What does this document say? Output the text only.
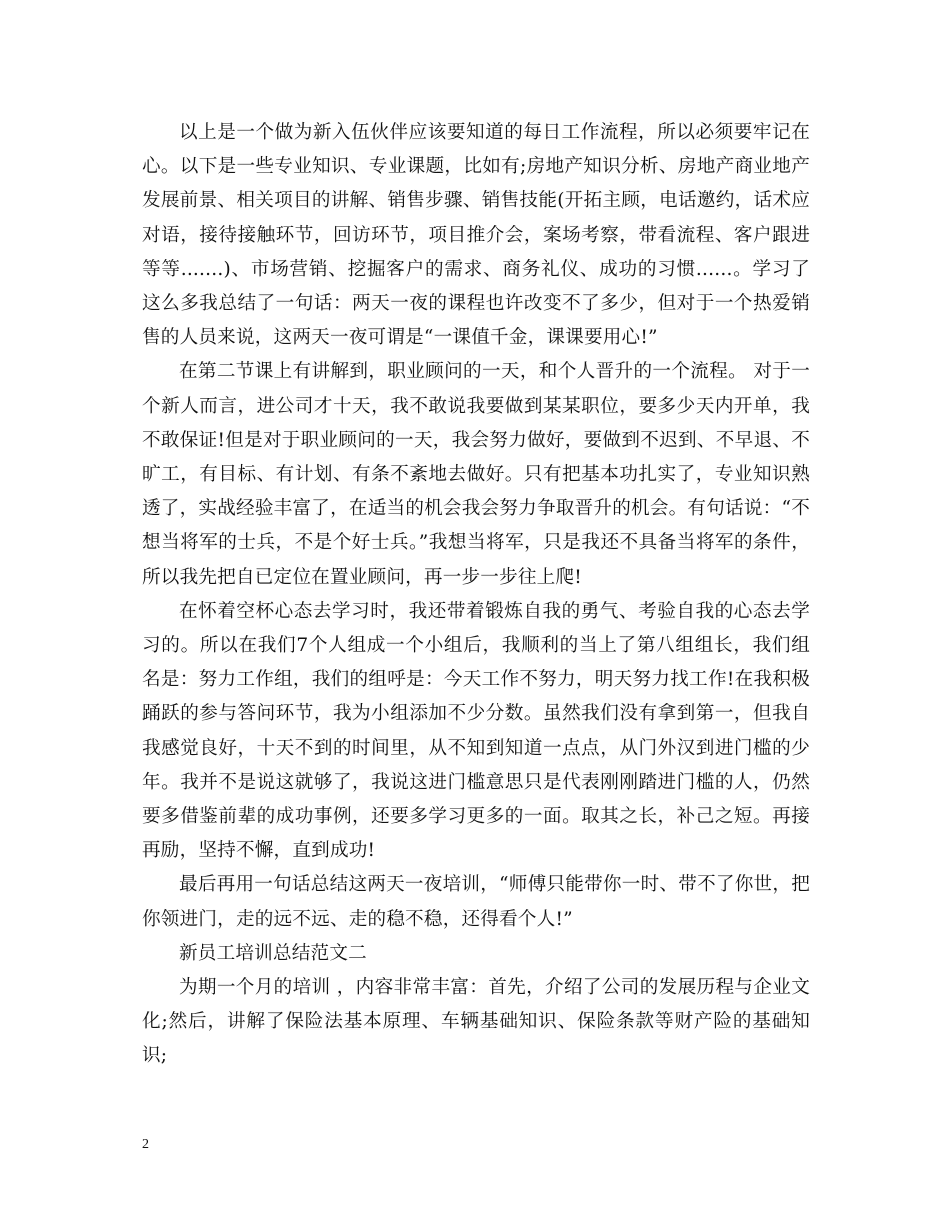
以上是一个做为新入伍伙伴应该要知道的每日工作流程，所以必须要牢记在心。以下是一些专业知识、专业课题，比如有;房地产知识分析、房地产商业地产发展前景、相关项目的讲解、销售步骤、销售技能(开拓主顾，电话邀约，话术应对语，接待接触环节，回访环节，项目推介会，案场考察，带看流程、客户跟进等等.......)、市场营销、挖掘客户的需求、商务礼仪、成功的习惯......。学习了这么多我总结了一句话：两天一夜的课程也许改变不了多少，但对于一个热爱销售的人员来说，这两天一夜可谓是“一课值千金，课课要用心!”

在第二节课上有讲解到，职业顾问的一天，和个人晋升的一个流程。 对于一个新人而言，进公司才十天，我不敢说我要做到某某职位，要多少天内开单，我不敢保证!但是对于职业顾问的一天，我会努力做好，要做到不迟到、不早退、不旷工，有目标、有计划、有条不紊地去做好。只有把基本功扎实了，专业知识熟透了，实战经验丰富了，在适当的机会我会努力争取晋升的机会。有句话说：“不想当将军的士兵，不是个好士兵。”我想当将军，只是我还不具备当将军的条件，所以我先把自已定位在置业顾问，再一步一步往上爬!

在怀着空杯心态去学习时，我还带着锻炼自我的勇气、考验自我的心态去学习的。所以在我们7个人组成一个小组后，我顺利的当上了第八组组长，我们组名是：努力工作组，我们的组呼是：今天工作不努力，明天努力找工作!在我积极踊跃的参与答问环节，我为小组添加不少分数。虽然我们没有拿到第一，但我自我感觉良好，十天不到的时间里，从不知到知道一点点，从门外汉到进门槛的少年。我并不是说这就够了，我说这进门槛意思只是代表刚刚踏进门槛的人，仍然要多借鉴前辈的成功事例，还要多学习更多的一面。取其之长，补己之短。再接再励，坚持不懈，直到成功!

最后再用一句话总结这两天一夜培训，“师傅只能带你一时、带不了你世，把你领进门，走的远不远、走的稳不稳，还得看个人!”

新员工培训总结范文二

为期一个月的培训 ，内容非常丰富：首先，介绍了公司的发展历程与企业文化;然后，讲解了保险法基本原理、车辆基础知识、保险条款等财产险的基础知识;

2
